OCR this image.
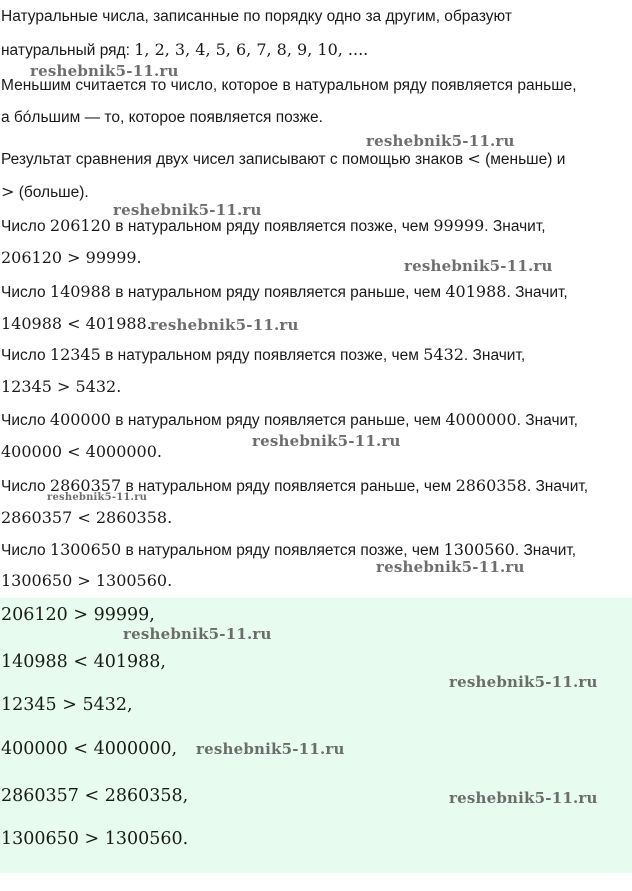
Натуральные числа, записанные по порядку одно за другим, образуют
натуральный ряд: 1, 2, 3, 4, 5, 6, 7, 8, 9, 10, ....
Меньшим считается то число, которое в натуральном ряду появляется раньше,
а бóльшим — то, которое появляется позже.
Результат сравнения двух чисел записывают с помощью знаков < (меньше) и
> (больше).
Число 206120 в натуральном ряду появляется позже, чем 99999. Значит,
206120 > 99999.
Число 140988 в натуральном ряду появляется раньше, чем 401988. Значит,
140988 < 401988.
Число 12345 в натуральном ряду появляется позже, чем 5432. Значит,
12345 > 5432.
Число 400000 в натуральном ряду появляется раньше, чем 4000000. Значит,
400000 < 4000000.
Число 2860357 в натуральном ряду появляется раньше, чем 2860358. Значит,
2860357 < 2860358.
Число 1300650 в натуральном ряду появляется позже, чем 1300560. Значит,
1300650 > 1300560.
206120 > 99999,
140988 < 401988,
12345 > 5432,
400000 < 4000000,
2860357 < 2860358,
1300650 > 1300560.
reshebnik5-11.ru
reshebnik5-11.ru
reshebnik5-11.ru
reshebnik5-11.ru
reshebnik5-11.ru
reshebnik5-11.ru
reshebnik5-11.ru
reshebnik5-11.ru
reshebnik5-11.ru
reshebnik5-11.ru
reshebnik5-11.ru
reshebnik5-11.ru
